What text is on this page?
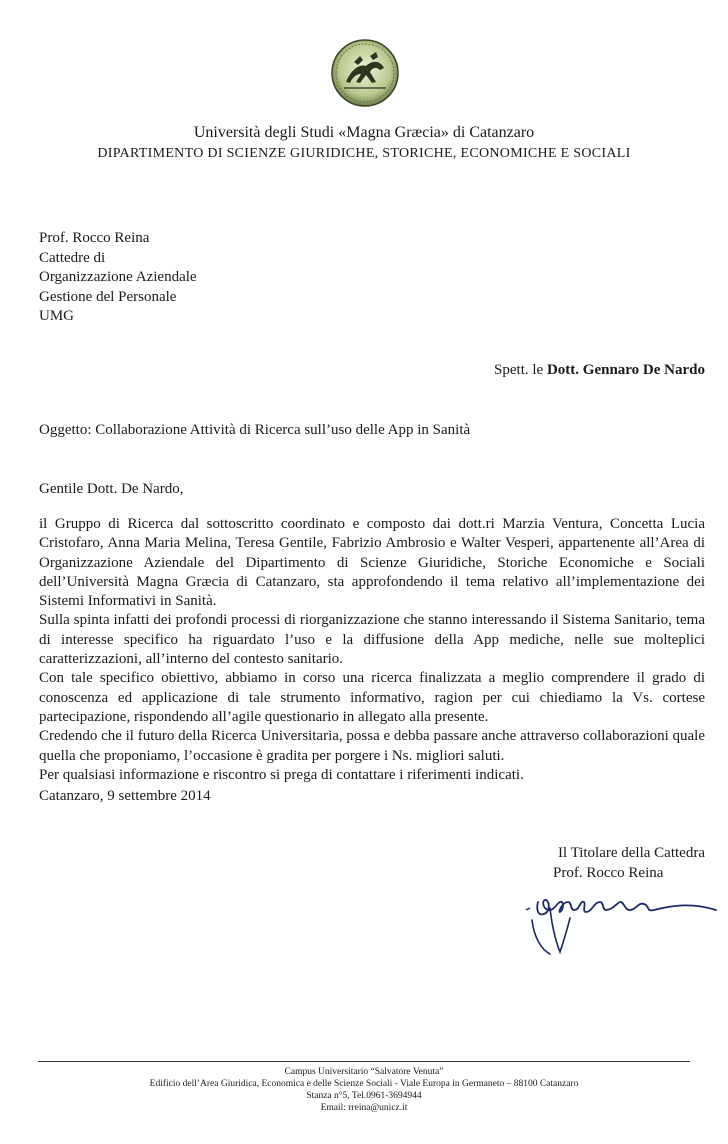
Università degli Studi «Magna Græcia» di Catanzaro
DIPARTIMENTO DI SCIENZE GIURIDICHE, STORICHE, ECONOMICHE E SOCIALI
Prof. Rocco Reina
Cattedre di
Organizzazione Aziendale
Gestione del Personale
UMG
Spett. le Dott. Gennaro De Nardo
Oggetto: Collaborazione Attività di Ricerca sull’uso delle App in Sanità
Gentile Dott. De Nardo,

il Gruppo di Ricerca dal sottoscritto coordinato e composto dai dott.ri Marzia Ventura, Concetta Lucia Cristofaro, Anna Maria Melina, Teresa Gentile, Fabrizio Ambrosio e Walter Vesperi, appartenente all’Area di Organizzazione Aziendale del Dipartimento di Scienze Giuridiche, Storiche Economiche e Sociali dell’Università Magna Græcia di Catanzaro, sta approfondendo il tema relativo all’implementazione dei Sistemi Informativi in Sanità.

Sulla spinta infatti dei profondi processi di riorganizzazione che stanno interessando il Sistema Sanitario, tema di interesse specifico ha riguardato l’uso e la diffusione della App mediche, nelle sue molteplici caratterizzazioni, all’interno del contesto sanitario.

Con tale specifico obiettivo, abbiamo in corso una ricerca finalizzata a meglio comprendere il grado di conoscenza ed applicazione di tale strumento informativo, ragion per cui chiediamo la Vs. cortese partecipazione, rispondendo all’agile questionario in allegato alla presente.

Credendo che il futuro della Ricerca Universitaria, possa e debba passare anche attraverso collaborazioni quale quella che proponiamo, l’occasione è gradita per porgere i Ns. migliori saluti.

Per qualsiasi informazione e riscontro si prega di contattare i riferimenti indicati.

Catanzaro, 9 settembre 2014
Il Titolare della Cattedra
Prof. Rocco Reina
Campus Universitario “Salvatore Venuta”
Edificio dell’Area Giuridica, Economica e delle Scienze Sociali - Viale Europa in Germaneto – 88100 Catanzaro
Stanza n°5, Tel.0961-3694944
Email: rreina@unicz.it
